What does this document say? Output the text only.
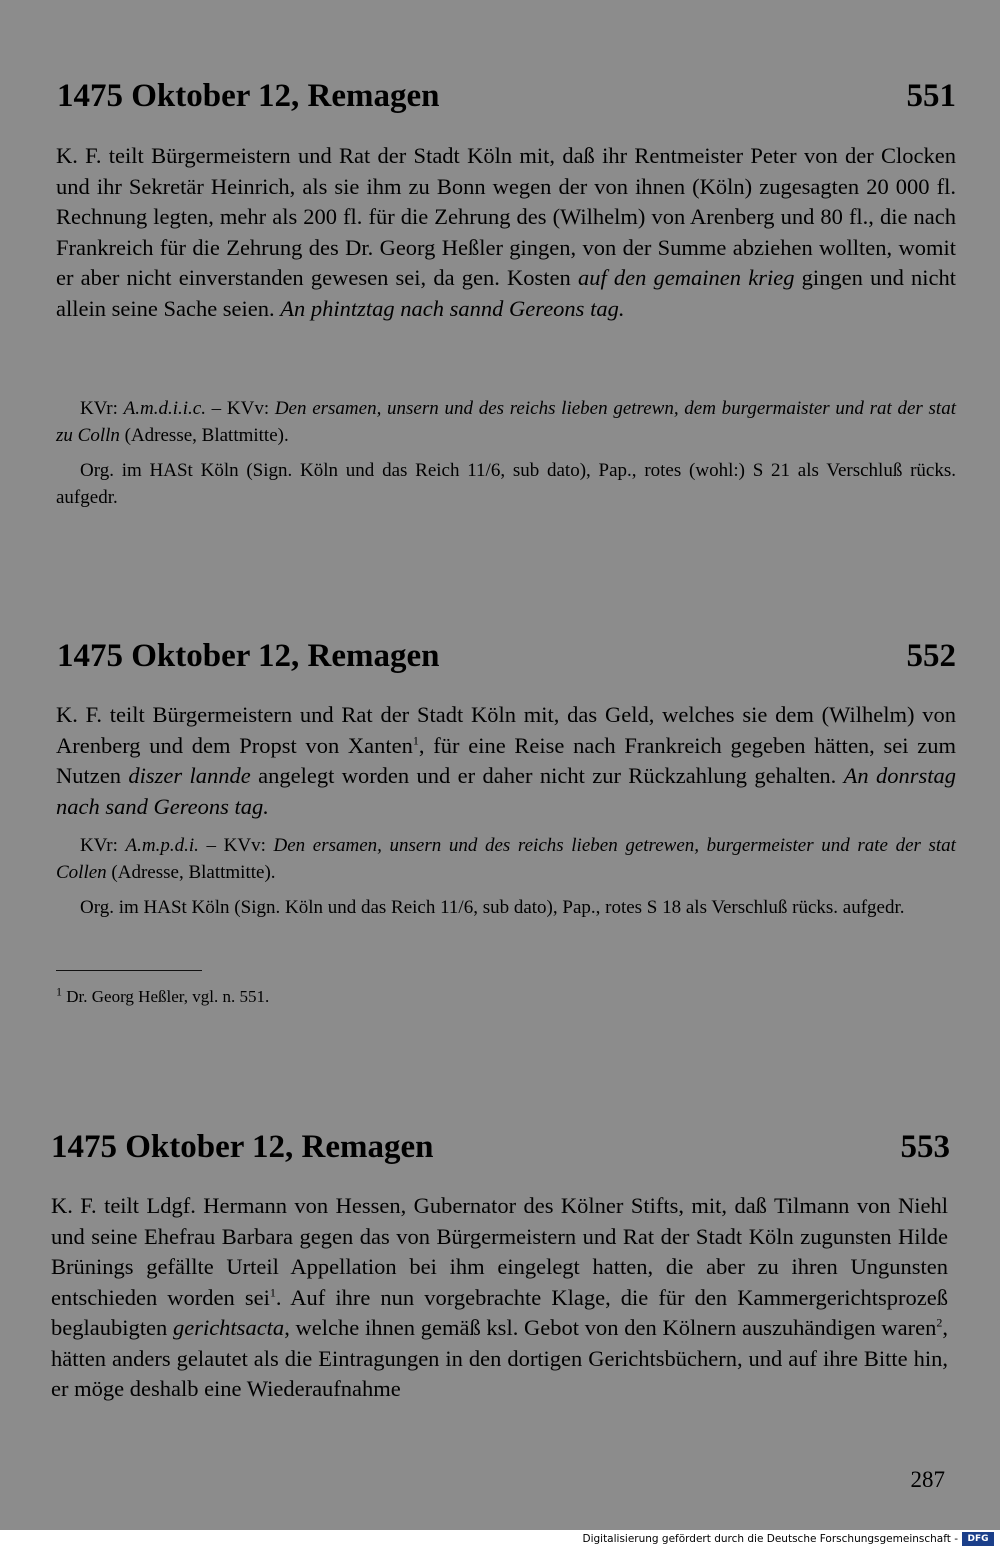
1475 Oktober 12, Remagen	551

K. F. teilt Bürgermeistern und Rat der Stadt Köln mit, daß ihr Rentmeister Peter von der Clocken und ihr Sekretär Heinrich, als sie ihm zu Bonn wegen der von ihnen (Köln) zugesagten 20 000 fl. Rechnung legten, mehr als 200 fl. für die Zehrung des (Wilhelm) von Arenberg und 80 fl., die nach Frankreich für die Zehrung des Dr. Georg Heßler gingen, von der Summe abziehen wollten, womit er aber nicht einverstanden gewesen sei, da gen. Kosten auf den gemainen krieg gingen und nicht allein seine Sache seien. An phintztag nach sannd Gereons tag.

KVr: A.m.d.i.i.c. – KVv: Den ersamen, unsern und des reichs lieben getrewn, dem burgermaister und rat der stat zu Colln (Adresse, Blattmitte).

Org. im HASt Köln (Sign. Köln und das Reich 11/6, sub dato), Pap., rotes (wohl:) S 21 als Verschluß rücks. aufgedr.

1475 Oktober 12, Remagen	552

K. F. teilt Bürgermeistern und Rat der Stadt Köln mit, das Geld, welches sie dem (Wilhelm) von Arenberg und dem Propst von Xanten$^1$, für eine Reise nach Frankreich gegeben hätten, sei zum Nutzen diszer lannde angelegt worden und er daher nicht zur Rückzahlung gehalten. An donrstag nach sand Gereons tag.

KVr: A.m.p.d.i. – KVv: Den ersamen, unsern und des reichs lieben getrewen, burgermeister und rate der stat Collen (Adresse, Blattmitte).

Org. im HASt Köln (Sign. Köln und das Reich 11/6, sub dato), Pap., rotes S 18 als Verschluß rücks. aufgedr.

$^1$ Dr. Georg Heßler, vgl. n. 551.

1475 Oktober 12, Remagen	553

K. F. teilt Ldgf. Hermann von Hessen, Gubernator des Kölner Stifts, mit, daß Tilmann von Niehl und seine Ehefrau Barbara gegen das von Bürgermeistern und Rat der Stadt Köln zugunsten Hilde Brünings gefällte Urteil Appellation bei ihm eingelegt hatten, die aber zu ihren Ungunsten entschieden worden sei$^1$. Auf ihre nun vorgebrachte Klage, die für den Kammergerichtsprozeß beglaubigten gerichtsacta, welche ihnen gemäß ksl. Gebot von den Kölnern auszuhändigen waren$^2$, hätten anders gelautet als die Eintragungen in den dortigen Gerichtsbüchern, und auf ihre Bitte hin, er möge deshalb eine Wiederaufnahme

287
Digitalisierung gefördert durch die Deutsche Forschungsgemeinschaft -	DFG
